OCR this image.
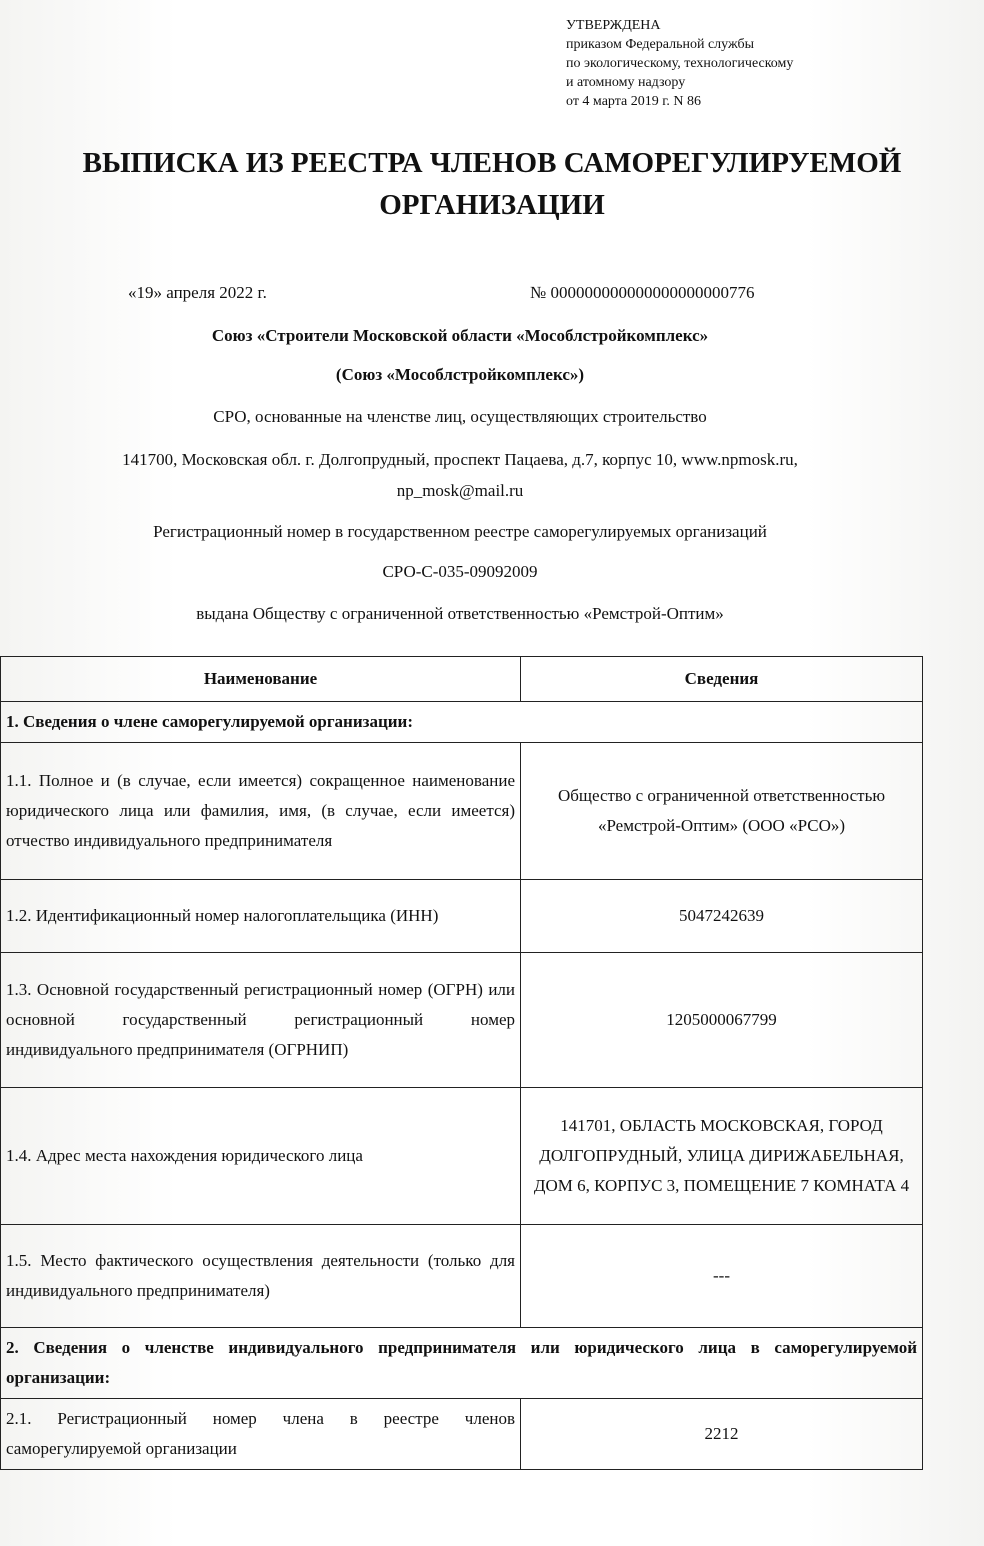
УТВЕРЖДЕНА
приказом Федеральной службы
по экологическому, технологическому
и атомному надзору
от 4 марта 2019 г. N 86
ВЫПИСКА ИЗ РЕЕСТРА ЧЛЕНОВ САМОРЕГУЛИРУЕМОЙ
ОРГАНИЗАЦИИ
«19» апреля 2022 г.	№ 000000000000000000000776
Союз «Строители Московской области «Мособлстройкомплекс»
(Союз «Мособлстройкомплекс»)
СРО, основанные на членстве лиц, осуществляющих строительство
141700, Московская обл. г. Долгопрудный, проспект Пацаева, д.7, корпус 10, www.npmosk.ru,
np_mosk@mail.ru
Регистрационный номер в государственном реестре саморегулируемых организаций
СРО-С-035-09092009
выдана Обществу с ограниченной ответственностью «Ремстрой-Оптим»
Наименование	Сведения
1. Сведения о члене саморегулируемой организации:	
1.1. Полное и (в случае, если имеется) сокращенное наименование юридического лица или фамилия, имя, (в случае, если имеется) отчество индивидуального предпринимателя	Общество с ограниченной ответственностью «Ремстрой-Оптим» (ООО «РСО»)
1.2. Идентификационный номер налогоплательщика (ИНН)	5047242639
1.3. Основной государственный регистрационный номер (ОГРН) или основной государственный регистрационный номер индивидуального предпринимателя (ОГРНИП)	1205000067799
1.4. Адрес места нахождения юридического лица	141701, ОБЛАСТЬ МОСКОВСКАЯ, ГОРОД ДОЛГОПРУДНЫЙ, УЛИЦА ДИРИЖАБЕЛЬНАЯ, ДОМ 6, КОРПУС 3, ПОМЕЩЕНИЕ 7 КОМНАТА 4
1.5. Место фактического осуществления деятельности (только для индивидуального предпринимателя)	---
2. Сведения о членстве индивидуального предпринимателя или юридического лица в саморегулируемой организации:	
2.1. Регистрационный номер члена в реестре членов саморегулируемой организации	2212
